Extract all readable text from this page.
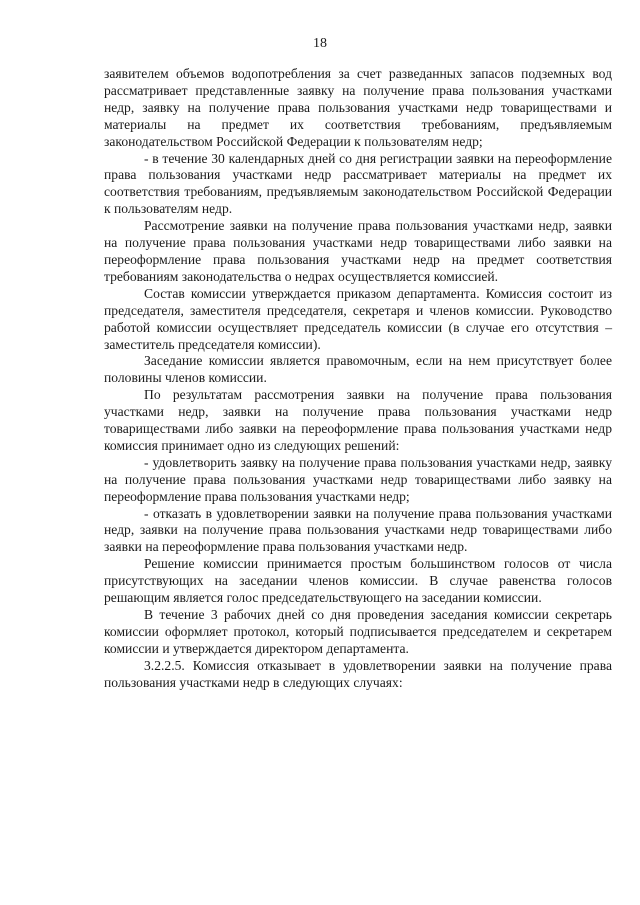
18

заявителем объемов водопотребления за счет разведанных запасов подземных вод рассматривает представленные заявку на получение права пользования участками недр, заявку на получение права пользования участками недр товариществами и материалы на предмет их соответствия требованиям, предъявляемым законодательством Российской Федерации к пользователям недр;

- в течение 30 календарных дней со дня регистрации заявки на переоформление права пользования участками недр рассматривает материалы на предмет их соответствия требованиям, предъявляемым законодательством Российской Федерации к пользователям недр.

Рассмотрение заявки на получение права пользования участками недр, заявки на получение права пользования участками недр товариществами либо заявки на переоформление права пользования участками недр на предмет соответствия требованиям законодательства о недрах осуществляется комиссией.

Состав комиссии утверждается приказом департамента. Комиссия состоит из председателя, заместителя председателя, секретаря и членов комиссии. Руководство работой комиссии осуществляет председатель комиссии (в случае его отсутствия – заместитель председателя комиссии).

Заседание комиссии является правомочным, если на нем присутствует более половины членов комиссии.

По результатам рассмотрения заявки на получение права пользования участками недр, заявки на получение права пользования участками недр товариществами либо заявки на переоформление права пользования участками недр комиссия принимает одно из следующих решений:

- удовлетворить заявку на получение права пользования участками недр, заявку на получение права пользования участками недр товариществами либо заявку на переоформление права пользования участками недр;

- отказать в удовлетворении заявки на получение права пользования участками недр, заявки на получение права пользования участками недр товариществами либо заявки на переоформление права пользования участками недр.

Решение комиссии принимается простым большинством голосов от числа присутствующих на заседании членов комиссии. В случае равенства голосов решающим является голос председательствующего на заседании комиссии.

В течение 3 рабочих дней со дня проведения заседания комиссии секретарь комиссии оформляет протокол, который подписывается председателем и секретарем комиссии и утверждается директором департамента.

3.2.2.5. Комиссия отказывает в удовлетворении заявки на получение права пользования участками недр в следующих случаях:
